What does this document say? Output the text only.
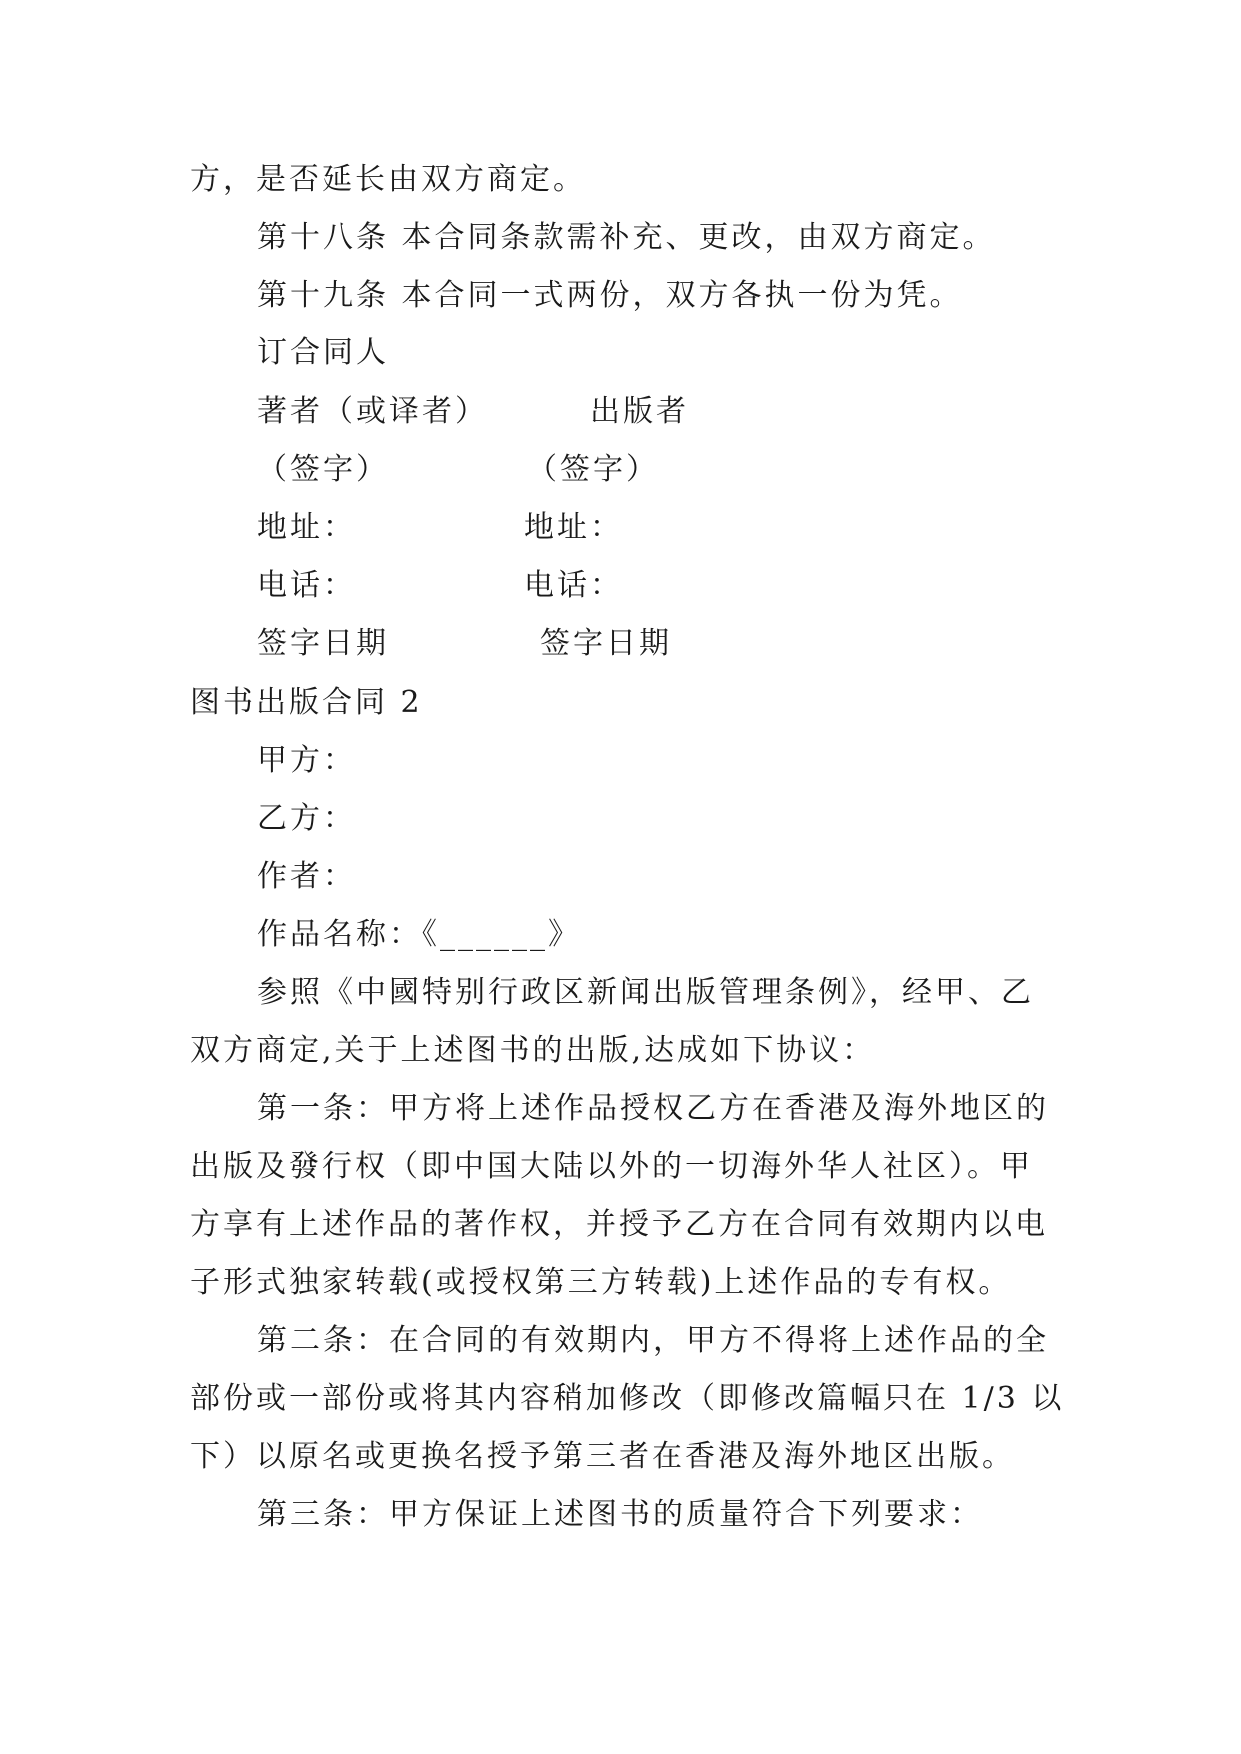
方，是否延长由双方商定。
第十八条 本合同条款需补充、更改，由双方商定。
第十九条 本合同一式两份，双方各执一份为凭。
订合同人
著者（或译者）	出版者
（签字）	（签字）
地址：	地址：
电话：	电话：
签字日期	签字日期
图书出版合同 2
甲方：
乙方：
作者：
作品名称：《______》
参照《中國特别行政区新闻出版管理条例》，经甲、乙
双方商定,关于上述图书的出版,达成如下协议：
第一条：甲方将上述作品授权乙方在香港及海外地区的
出版及發行权（即中国大陆以外的一切海外华人社区）。甲
方享有上述作品的著作权，并授予乙方在合同有效期内以电
子形式独家转载(或授权第三方转载)上述作品的专有权。
第二条：在合同的有效期内，甲方不得将上述作品的全
部份或一部份或将其内容稍加修改（即修改篇幅只在 1/3 以
下）以原名或更换名授予第三者在香港及海外地区出版。
第三条：甲方保证上述图书的质量符合下列要求：
